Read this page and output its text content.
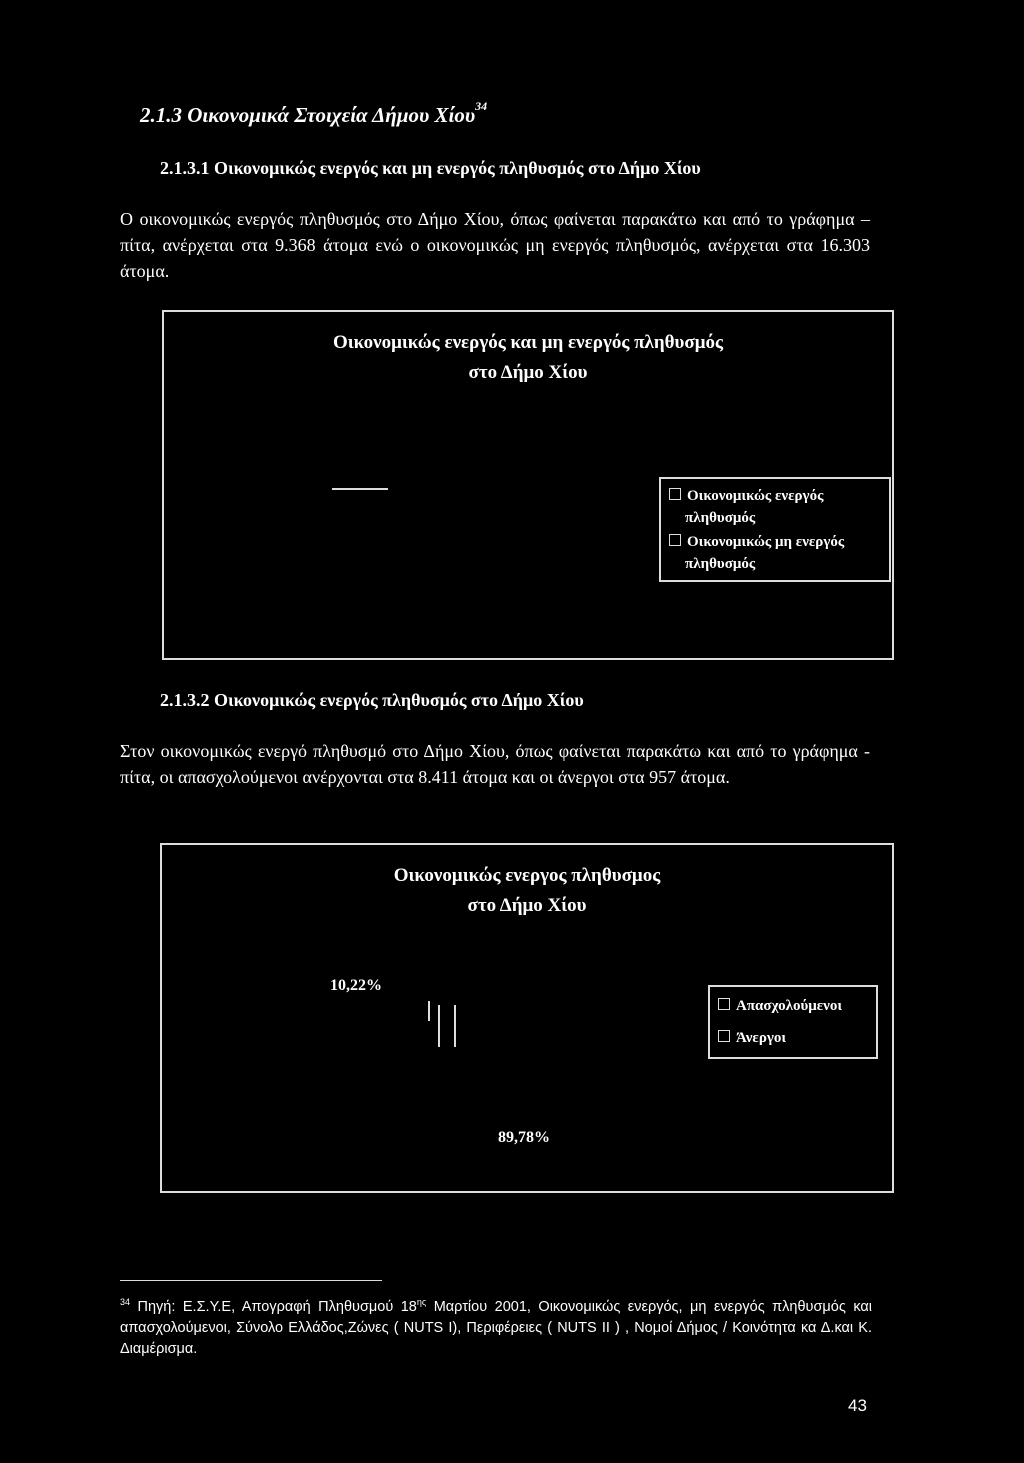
2.1.3 Οικονομικά Στοιχεία Δήμου Χίου$^{34}$
2.1.3.1 Οικονομικώς ενεργός και μη ενεργός πληθυσμός στο Δήμο Χίου
Ο οικονομικώς ενεργός πληθυσμός στο Δήμο Χίου, όπως φαίνεται παρακάτω και από το γράφημα – πίτα, ανέρχεται στα 9.368 άτομα ενώ ο οικονομικώς μη ενεργός πληθυσμός, ανέρχεται στα 16.303 άτομα.
Οικονομικώς ενεργός και μη ενεργός πληθυσμός
στο Δήμο Χίου
Οικονομικώς ενεργός
πληθυσμός
Οικονομικώς μη ενεργός
πληθυσμός
2.1.3.2 Οικονομικώς ενεργός πληθυσμός στο Δήμο Χίου
Στον οικονομικώς ενεργό πληθυσμό στο Δήμο Χίου, όπως φαίνεται παρακάτω και από το γράφημα - πίτα, οι απασχολούμενοι ανέρχονται στα 8.411 άτομα και οι άνεργοι στα 957 άτομα.
Οικονομικώς ενεργος πληθυσμος
στο Δήμο Χίου
10,22%
89,78%
Απασχολούμενοι
Άνεργοι
$^{34}$ Πηγή: Ε.Σ.Υ.Ε, Απογραφή Πληθυσμού $18^{\eta\varsigma}$ Μαρτίου 2001, Οικονομικώς ενεργός, μη ενεργός πληθυσμός και απασχολούμενοι, Σύνολο Ελλάδος,Ζώνες ( NUTS I), Περιφέρειες ( NUTS II ) , Νομοί Δήμος / Κοινότητα κα Δ.και Κ. Διαμέρισμα.
43
